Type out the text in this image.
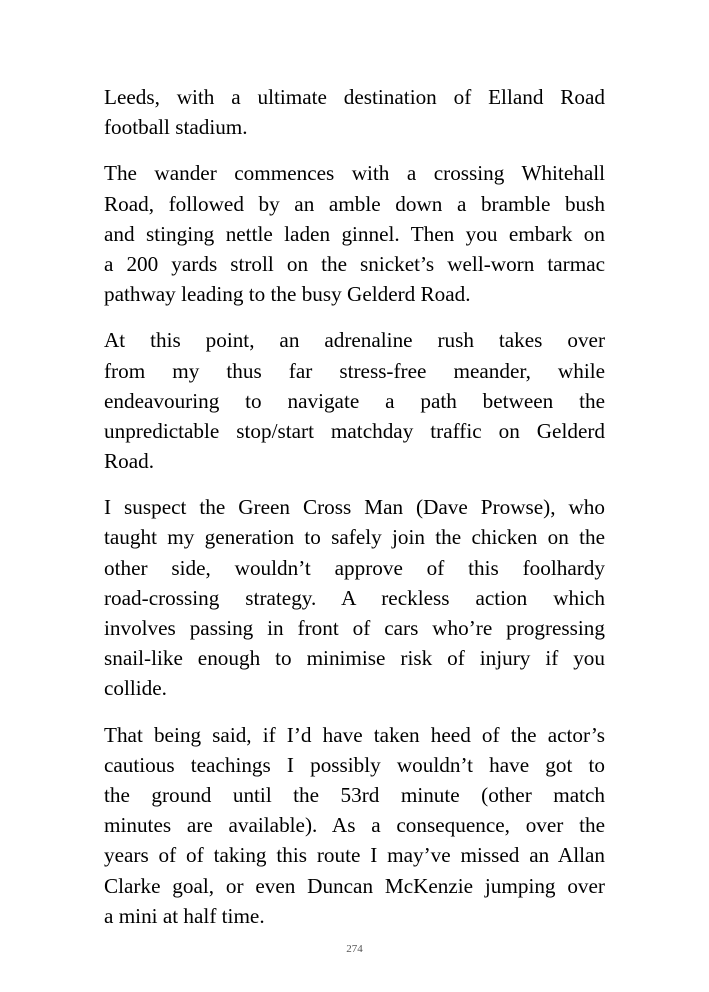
Leeds, with a ultimate destination of Elland Road
football stadium.

The wander commences with a crossing Whitehall
Road, followed by an amble down a bramble bush
and stinging nettle laden ginnel. Then you embark on
a 200 yards stroll on the snicket’s well-worn tarmac
pathway leading to the busy Gelderd Road.

At this point, an adrenaline rush takes over
from my thus far stress-free meander, while
endeavouring to navigate a path between the
unpredictable stop/start matchday traffic on Gelderd
Road.

I suspect the Green Cross Man (Dave Prowse), who
taught my generation to safely join the chicken on the
other side, wouldn’t approve of this foolhardy
road-crossing strategy. A reckless action which
involves passing in front of cars who’re progressing
snail-like enough to minimise risk of injury if you
collide.

That being said, if I’d have taken heed of the actor’s
cautious teachings I possibly wouldn’t have got to
the ground until the 53rd minute (other match
minutes are available). As a consequence, over the
years of of taking this route I may’ve missed an Allan
Clarke goal, or even Duncan McKenzie jumping over
a mini at half time.

274
